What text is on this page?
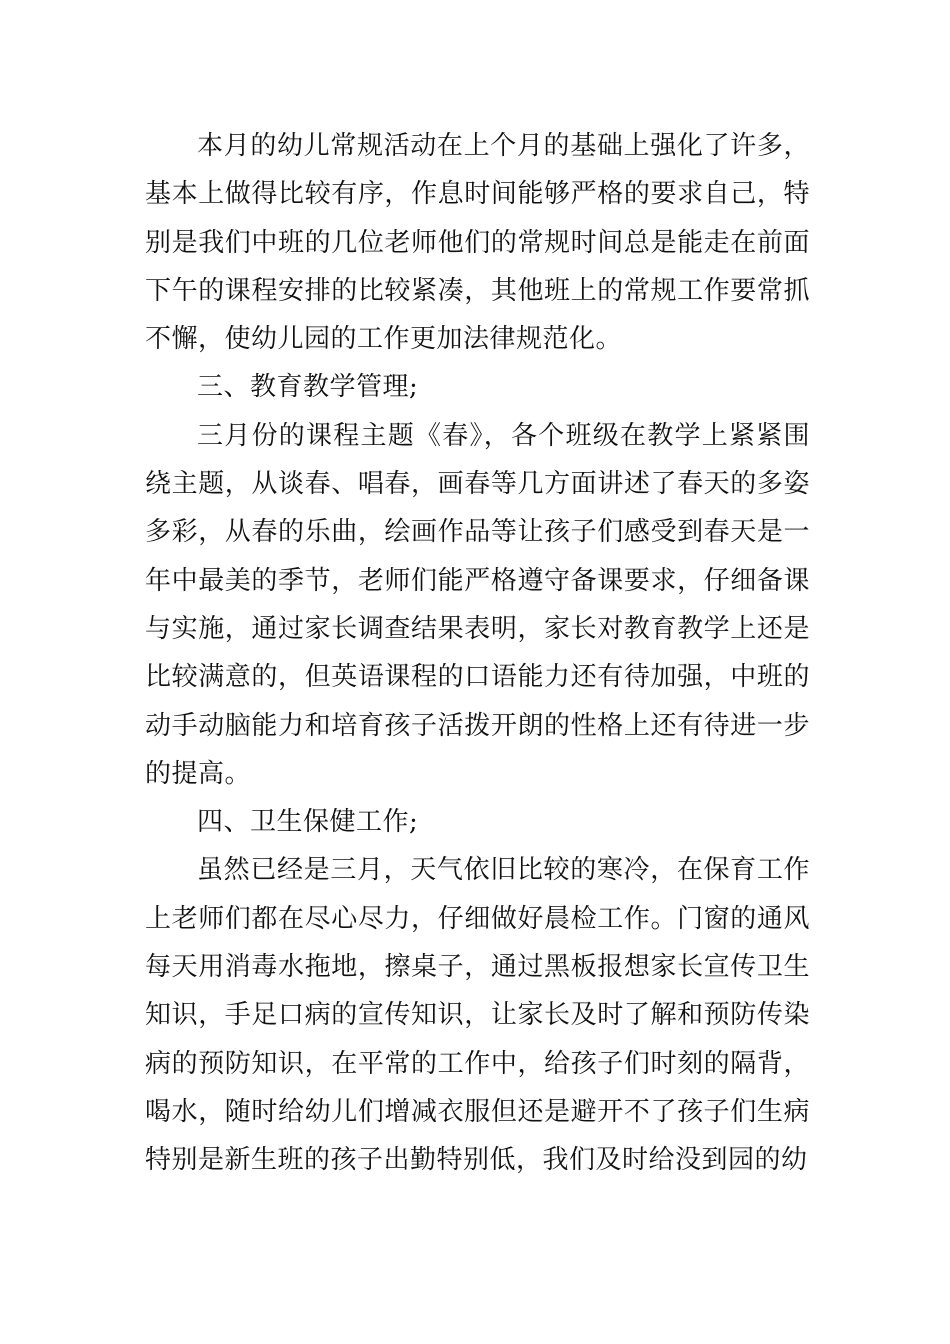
本月的幼儿常规活动在上个月的基础上强化了许多，基本上做得比较有序，作息时间能够严格的要求自己，特别是我们中班的几位老师他们的常规时间总是能走在前面下午的课程安排的比较紧凑，其他班上的常规工作要常抓不懈，使幼儿园的工作更加法律规范化。

三、教育教学管理;

三月份的课程主题《春》，各个班级在教学上紧紧围绕主题，从谈春、唱春，画春等几方面讲述了春天的多姿多彩，从春的乐曲，绘画作品等让孩子们感受到春天是一年中最美的季节，老师们能严格遵守备课要求，仔细备课与实施，通过家长调查结果表明，家长对教育教学上还是比较满意的，但英语课程的口语能力还有待加强，中班的动手动脑能力和培育孩子活拨开朗的性格上还有待进一步的提高。

四、卫生保健工作;

虽然已经是三月，天气依旧比较的寒冷，在保育工作上老师们都在尽心尽力，仔细做好晨检工作。门窗的通风每天用消毒水拖地，擦桌子，通过黑板报想家长宣传卫生知识，手足口病的宣传知识，让家长及时了解和预防传染病的预防知识，在平常的工作中，给孩子们时刻的隔背，喝水，随时给幼儿们增减衣服但还是避开不了孩子们生病特别是新生班的孩子出勤特别低，我们及时给没到园的幼
